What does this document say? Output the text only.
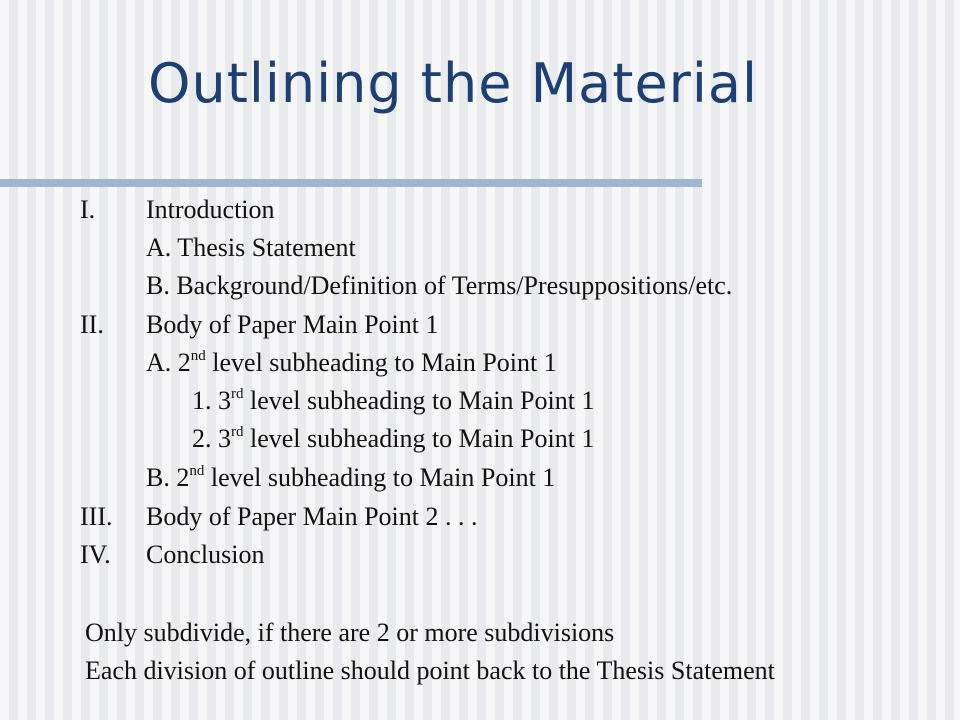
Outlining the Material
I. Introduction
A. Thesis Statement
B. Background/Definition of Terms/Presuppositions/etc.
II. Body of Paper Main Point 1
A. 2nd level subheading to Main Point 1
1. 3rd level subheading to Main Point 1
2. 3rd level subheading to Main Point 1
B. 2nd level subheading to Main Point 1
III. Body of Paper Main Point 2 . . .
IV. Conclusion
Only subdivide, if there are 2 or more subdivisions
Each division of outline should point back to the Thesis Statement
